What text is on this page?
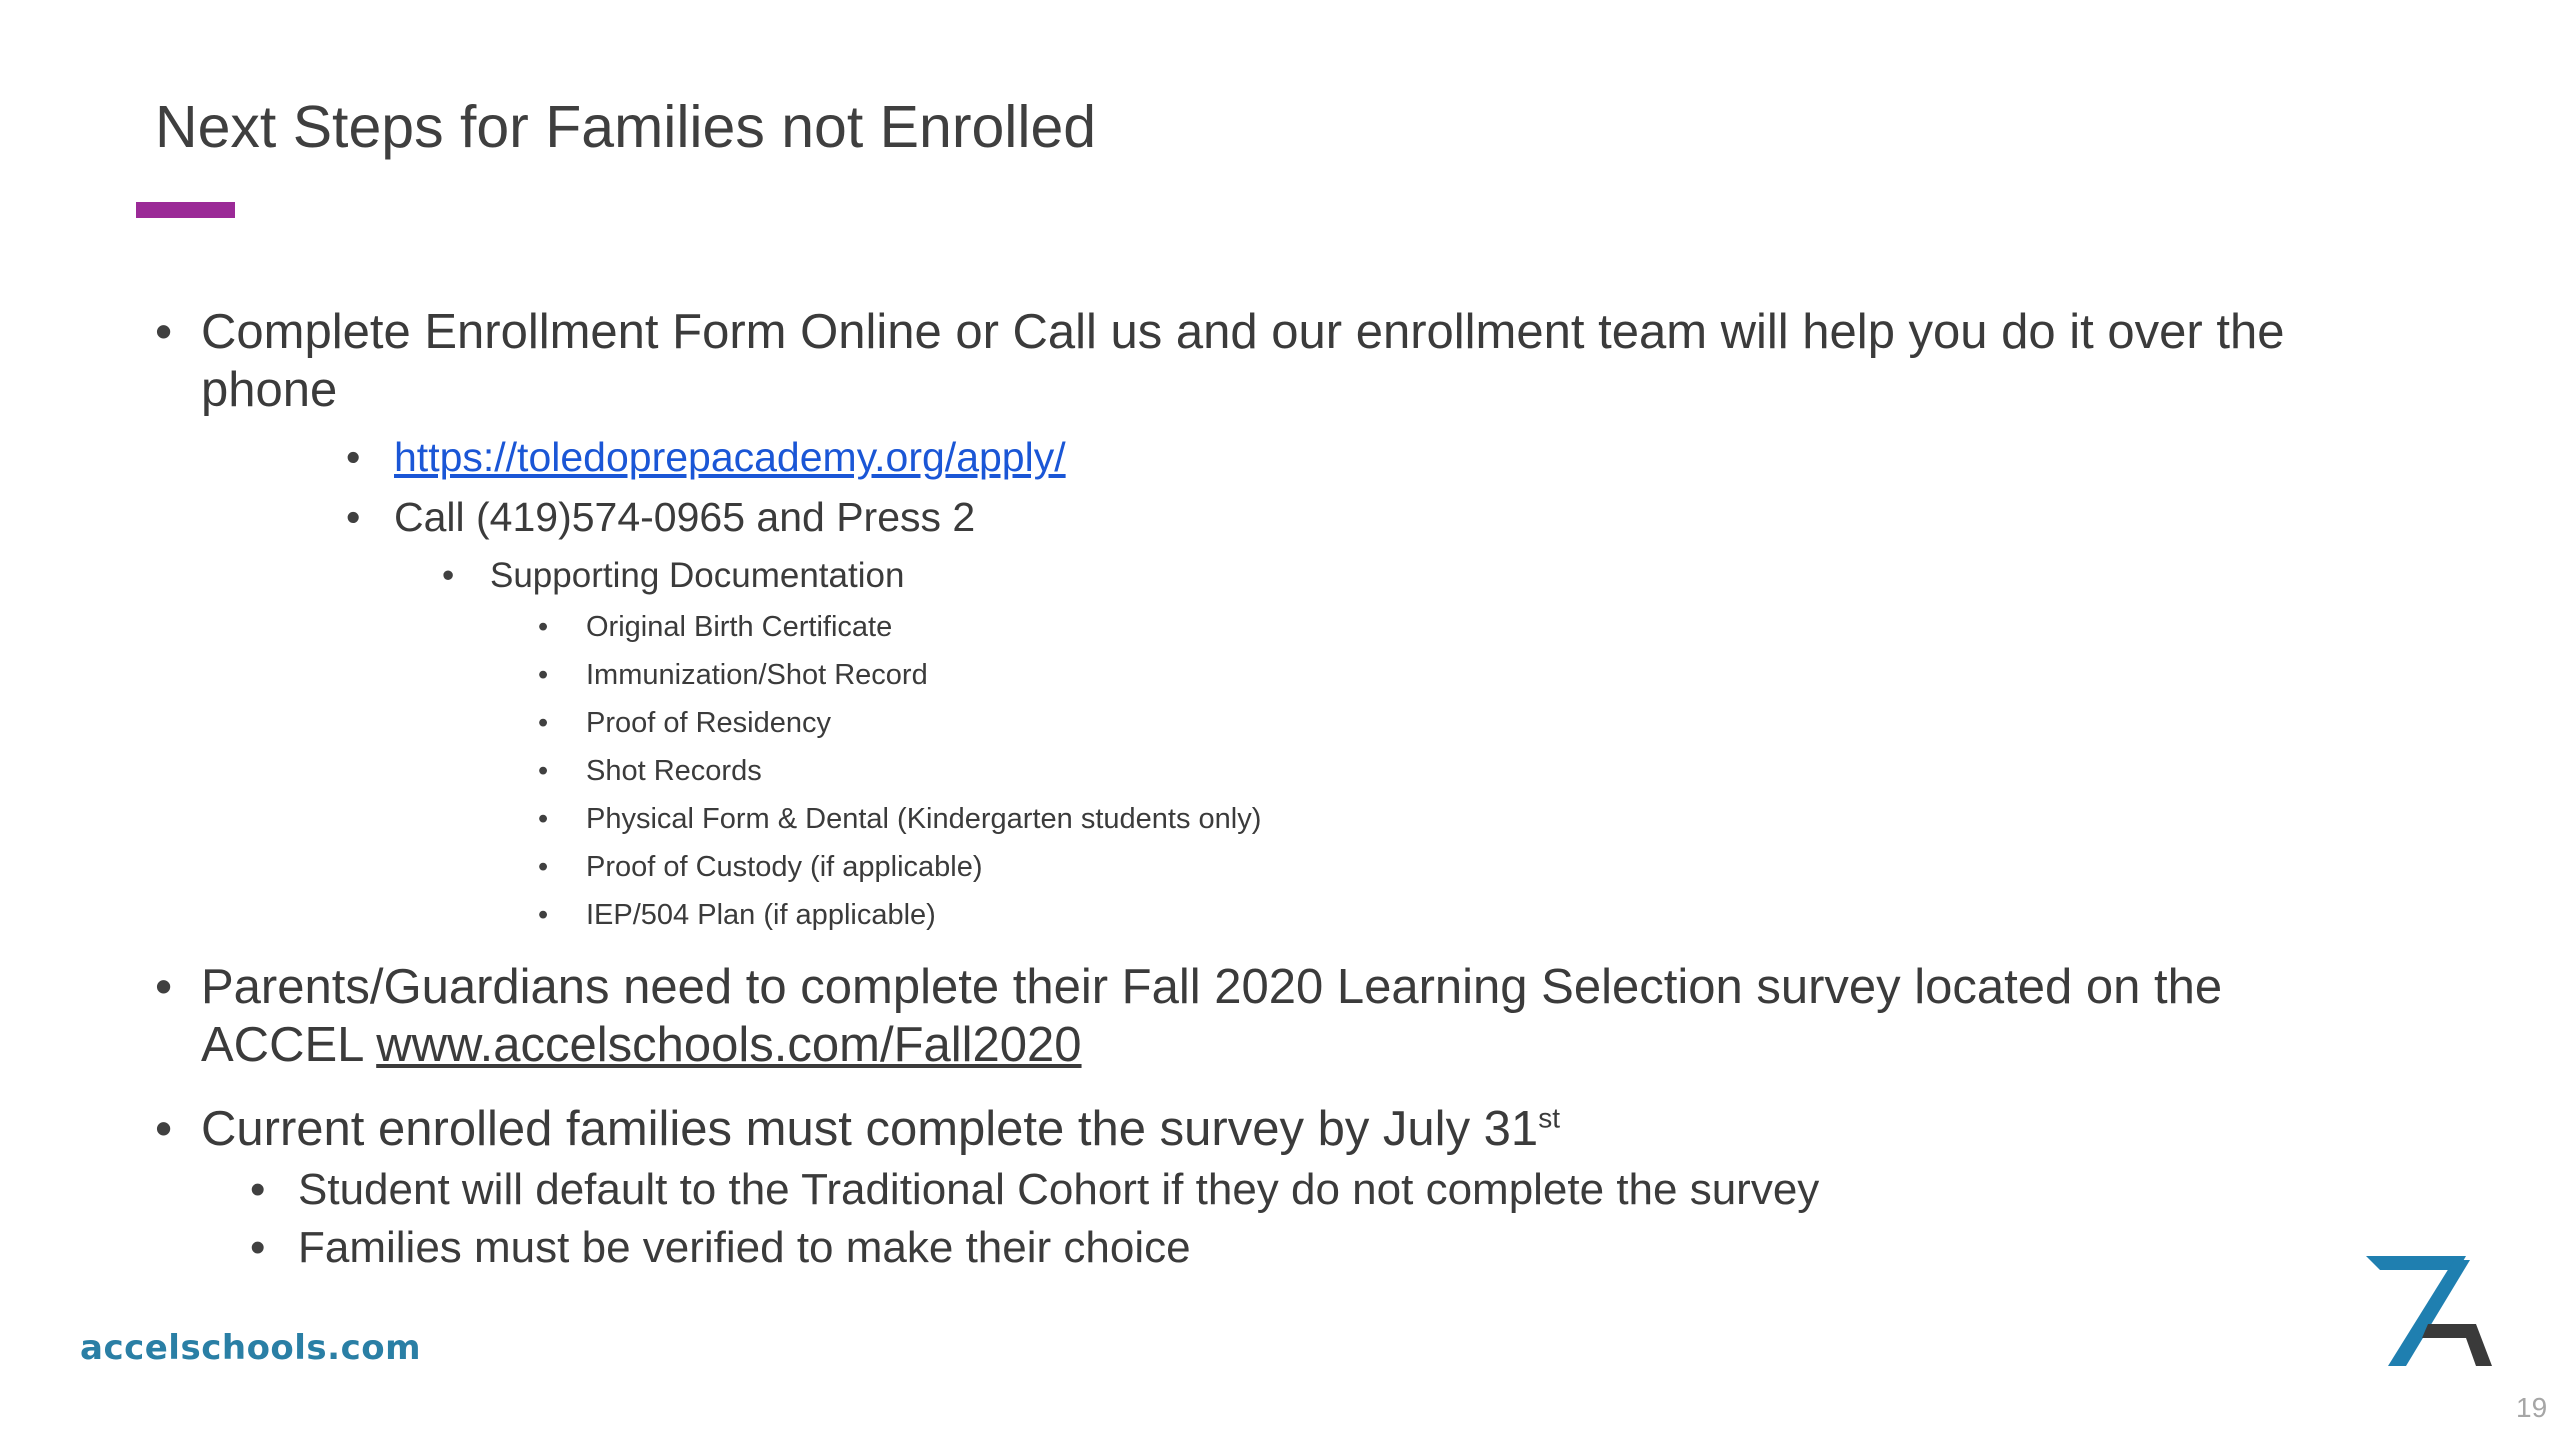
Next Steps for Families not Enrolled
• Complete Enrollment Form Online or Call us and our enrollment team will help you do it over the
phone
• https://toledoprepacademy.org/apply/
• Call (419)574-0965 and Press 2
• Supporting Documentation
• Original Birth Certificate
• Immunization/Shot Record
• Proof of Residency
• Shot Records
• Physical Form & Dental (Kindergarten students only)
• Proof of Custody (if applicable)
• IEP/504 Plan (if applicable)
• Parents/Guardians need to complete their Fall 2020 Learning Selection survey located on the
ACCEL www.accelschools.com/Fall2020
• Current enrolled families must complete the survey by July 31st
• Student will default to the Traditional Cohort if they do not complete the survey
• Families must be verified to make their choice
accelschools.com
19
